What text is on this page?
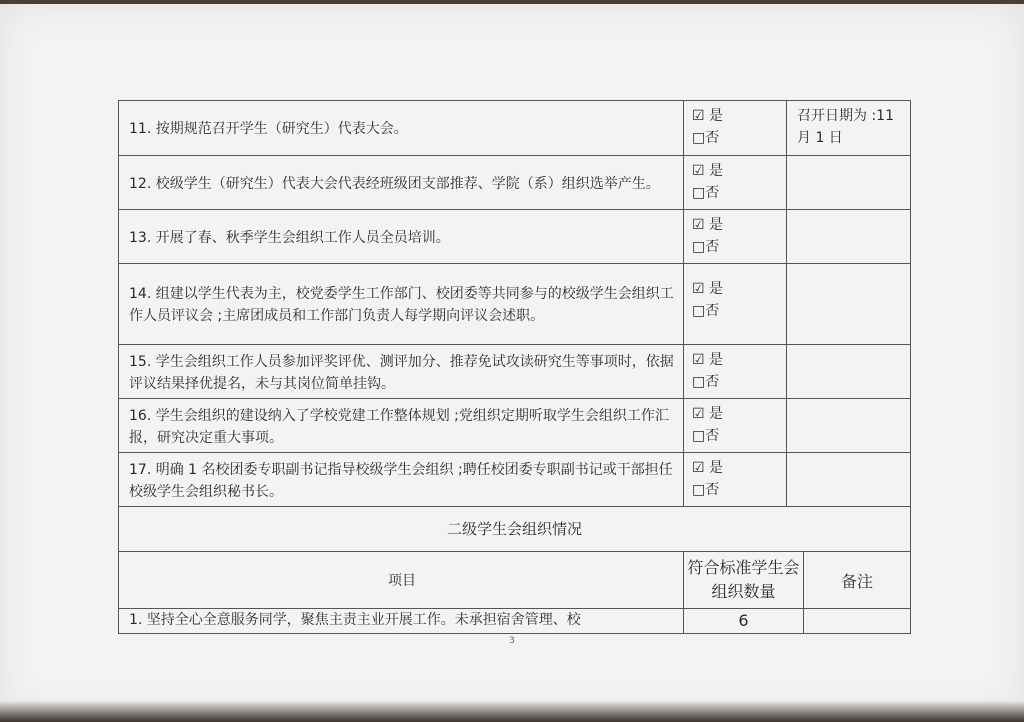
11. 按期规范召开学生（研究生）代表大会。
☑ 是
□否
召开日期为 :11 月 1 日
12. 校级学生（研究生）代表大会代表经班级团支部推荐、学院（系）组织选举产生。
☑ 是
□否
13. 开展了春、秋季学生会组织工作人员全员培训。
☑ 是
□否
14. 组建以学生代表为主，校党委学生工作部门、校团委等共同参与的校级学生会组织工作人员评议会 ;主席团成员和工作部门负责人每学期向评议会述职。
☑ 是
□否
15. 学生会组织工作人员参加评奖评优、测评加分、推荐免试攻读研究生等事项时，依据评议结果择优提名，未与其岗位简单挂钩。
☑ 是
□否
16. 学生会组织的建设纳入了学校党建工作整体规划 ;党组织定期听取学生会组织工作汇报，研究决定重大事项。
☑ 是
□否
17. 明确 1 名校团委专职副书记指导校级学生会组织 ;聘任校团委专职副书记或干部担任校级学生会组织秘书长。
☑ 是
□否
二级学生会组织情况
项目
符合标准学生会组织数量
备注
1. 坚持全心全意服务同学，聚焦主责主业开展工作。未承担宿舍管理、校	6
3
